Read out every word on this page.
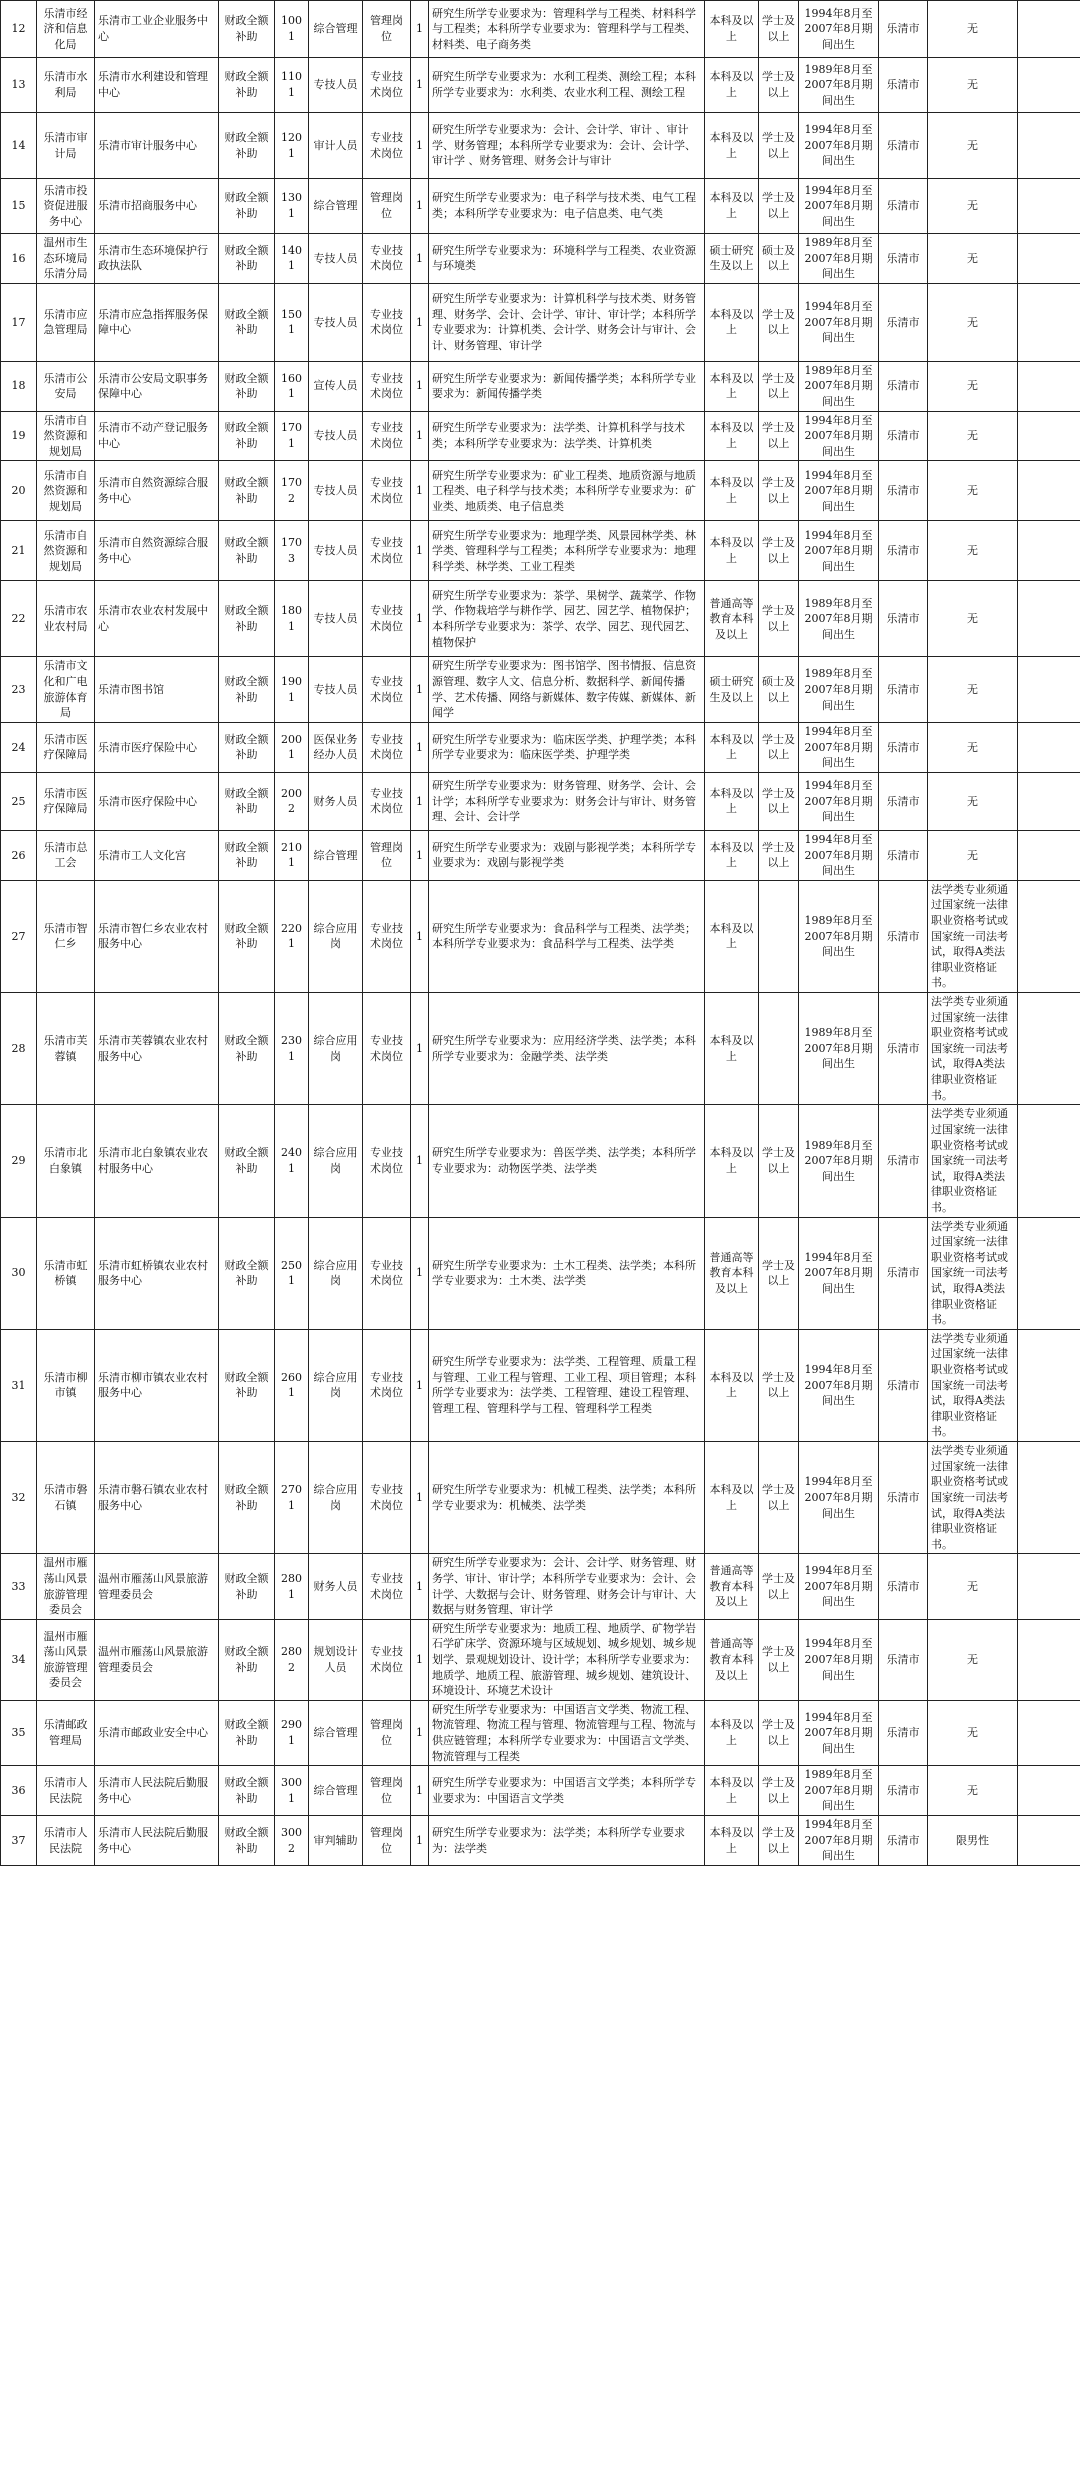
12	乐清市经济和信息化局	乐清市工业企业服务中心	财政全额补助	1001	综合管理	管理岗位	1	研究生所学专业要求为：管理科学与工程类、材料科学与工程类；本科所学专业要求为：管理科学与工程类、材料类、电子商务类	本科及以上	学士及以上	1994年8月至2007年8月期间出生	乐清市	无	
13	乐清市水利局	乐清市水利建设和管理中心	财政全额补助	1101	专技人员	专业技术岗位	1	研究生所学专业要求为：水利工程类、测绘工程；本科所学专业要求为：水利类、农业水利工程、测绘工程	本科及以上	学士及以上	1989年8月至2007年8月期间出生	乐清市	无	
14	乐清市审计局	乐清市审计服务中心	财政全额补助	1201	审计人员	专业技术岗位	1	研究生所学专业要求为：会计、会计学、审计 、审计学、财务管理；本科所学专业要求为：会计、会计学、审计学 、财务管理、财务会计与审计	本科及以上	学士及以上	1994年8月至2007年8月期间出生	乐清市	无	
15	乐清市投资促进服务中心	乐清市招商服务中心	财政全额补助	1301	综合管理	管理岗位	1	研究生所学专业要求为：电子科学与技术类、电气工程类；本科所学专业要求为：电子信息类、电气类	本科及以上	学士及以上	1994年8月至2007年8月期间出生	乐清市	无	
16	温州市生态环境局乐清分局	乐清市生态环境保护行政执法队	财政全额补助	1401	专技人员	专业技术岗位	1	研究生所学专业要求为：环境科学与工程类、农业资源与环境类	硕士研究生及以上	硕士及以上	1989年8月至2007年8月期间出生	乐清市	无	
17	乐清市应急管理局	乐清市应急指挥服务保障中心	财政全额补助	1501	专技人员	专业技术岗位	1	研究生所学专业要求为：计算机科学与技术类、财务管理、财务学、会计、会计学、审计、审计学；本科所学专业要求为：计算机类、会计学、财务会计与审计、会计、财务管理、审计学	本科及以上	学士及以上	1994年8月至2007年8月期间出生	乐清市	无	
18	乐清市公安局	乐清市公安局文职事务保障中心	财政全额补助	1601	宣传人员	专业技术岗位	1	研究生所学专业要求为：新闻传播学类；本科所学专业要求为：新闻传播学类	本科及以上	学士及以上	1989年8月至2007年8月期间出生	乐清市	无	
19	乐清市自然资源和规划局	乐清市不动产登记服务中心	财政全额补助	1701	专技人员	专业技术岗位	1	研究生所学专业要求为：法学类、计算机科学与技术类；本科所学专业要求为：法学类、计算机类	本科及以上	学士及以上	1994年8月至2007年8月期间出生	乐清市	无	
20	乐清市自然资源和规划局	乐清市自然资源综合服务中心	财政全额补助	1702	专技人员	专业技术岗位	1	研究生所学专业要求为：矿业工程类、地质资源与地质工程类、电子科学与技术类；本科所学专业要求为：矿业类、地质类、电子信息类	本科及以上	学士及以上	1994年8月至2007年8月期间出生	乐清市	无	
21	乐清市自然资源和规划局	乐清市自然资源综合服务中心	财政全额补助	1703	专技人员	专业技术岗位	1	研究生所学专业要求为：地理学类、风景园林学类、林学类、管理科学与工程类；本科所学专业要求为：地理科学类、林学类、工业工程类	本科及以上	学士及以上	1994年8月至2007年8月期间出生	乐清市	无	
22	乐清市农业农村局	乐清市农业农村发展中心	财政全额补助	1801	专技人员	专业技术岗位	1	研究生所学专业要求为：茶学、果树学、蔬菜学、作物学、作物栽培学与耕作学、园艺、园艺学、植物保护；本科所学专业要求为：茶学、农学、园艺、现代园艺、植物保护	普通高等教育本科及以上	学士及以上	1989年8月至2007年8月期间出生	乐清市	无	
23	乐清市文化和广电旅游体育局	乐清市图书馆	财政全额补助	1901	专技人员	专业技术岗位	1	研究生所学专业要求为：图书馆学、图书情报、信息资源管理、数字人文、信息分析、数据科学、新闻传播学、艺术传播、网络与新媒体、数字传媒、新媒体、新闻学	硕士研究生及以上	硕士及以上	1989年8月至2007年8月期间出生	乐清市	无	
24	乐清市医疗保障局	乐清市医疗保险中心	财政全额补助	2001	医保业务经办人员	专业技术岗位	1	研究生所学专业要求为：临床医学类、护理学类；本科所学专业要求为：临床医学类、护理学类	本科及以上	学士及以上	1994年8月至2007年8月期间出生	乐清市	无	
25	乐清市医疗保障局	乐清市医疗保险中心	财政全额补助	2002	财务人员	专业技术岗位	1	研究生所学专业要求为：财务管理、财务学、会计、会计学；本科所学专业要求为：财务会计与审计、财务管理、会计、会计学	本科及以上	学士及以上	1994年8月至2007年8月期间出生	乐清市	无	
26	乐清市总工会	乐清市工人文化宫	财政全额补助	2101	综合管理	管理岗位	1	研究生所学专业要求为：戏剧与影视学类；本科所学专业要求为：戏剧与影视学类	本科及以上	学士及以上	1994年8月至2007年8月期间出生	乐清市	无	
27	乐清市智仁乡	乐清市智仁乡农业农村服务中心	财政全额补助	2201	综合应用岗	专业技术岗位	1	研究生所学专业要求为：食品科学与工程类、法学类；本科所学专业要求为：食品科学与工程类、法学类	本科及以上		1989年8月至2007年8月期间出生	乐清市	法学类专业须通过国家统一法律职业资格考试或国家统一司法考试，取得A类法律职业资格证书。	
28	乐清市芙蓉镇	乐清市芙蓉镇农业农村服务中心	财政全额补助	2301	综合应用岗	专业技术岗位	1	研究生所学专业要求为：应用经济学类、法学类；本科所学专业要求为：金融学类、法学类	本科及以上		1989年8月至2007年8月期间出生	乐清市	法学类专业须通过国家统一法律职业资格考试或国家统一司法考试，取得A类法律职业资格证书。	
29	乐清市北白象镇	乐清市北白象镇农业农村服务中心	财政全额补助	2401	综合应用岗	专业技术岗位	1	研究生所学专业要求为：兽医学类、法学类；本科所学专业要求为：动物医学类、法学类	本科及以上	学士及以上	1989年8月至2007年8月期间出生	乐清市	法学类专业须通过国家统一法律职业资格考试或国家统一司法考试，取得A类法律职业资格证书。	
30	乐清市虹桥镇	乐清市虹桥镇农业农村服务中心	财政全额补助	2501	综合应用岗	专业技术岗位	1	研究生所学专业要求为：土木工程类、法学类；本科所学专业要求为：土木类、法学类	普通高等教育本科及以上	学士及以上	1994年8月至2007年8月期间出生	乐清市	法学类专业须通过国家统一法律职业资格考试或国家统一司法考试，取得A类法律职业资格证书。	
31	乐清市柳市镇	乐清市柳市镇农业农村服务中心	财政全额补助	2601	综合应用岗	专业技术岗位	1	研究生所学专业要求为：法学类、工程管理、质量工程与管理、工业工程与管理、工业工程、项目管理；本科所学专业要求为：法学类、工程管理、建设工程管理、管理工程、管理科学与工程、管理科学工程类	本科及以上	学士及以上	1994年8月至2007年8月期间出生	乐清市	法学类专业须通过国家统一法律职业资格考试或国家统一司法考试，取得A类法律职业资格证书。	
32	乐清市磐石镇	乐清市磐石镇农业农村服务中心	财政全额补助	2701	综合应用岗	专业技术岗位	1	研究生所学专业要求为：机械工程类、法学类；本科所学专业要求为：机械类、法学类	本科及以上	学士及以上	1994年8月至2007年8月期间出生	乐清市	法学类专业须通过国家统一法律职业资格考试或国家统一司法考试，取得A类法律职业资格证书。	
33	温州市雁荡山风景旅游管理委员会	温州市雁荡山风景旅游管理委员会	财政全额补助	2801	财务人员	专业技术岗位	1	研究生所学专业要求为：会计、会计学、财务管理、财务学、审计、审计学；本科所学专业要求为：会计、会计学、大数据与会计、财务管理、财务会计与审计、大数据与财务管理、审计学	普通高等教育本科及以上	学士及以上	1994年8月至2007年8月期间出生	乐清市	无	
34	温州市雁荡山风景旅游管理委员会	温州市雁荡山风景旅游管理委员会	财政全额补助	2802	规划设计人员	专业技术岗位	1	研究生所学专业要求为：地质工程、地质学、矿物学岩石学矿床学、资源环境与区域规划、城乡规划、城乡规划学、景观规划设计、设计学；本科所学专业要求为：地质学、地质工程、旅游管理、城乡规划、建筑设计、环境设计、环境艺术设计	普通高等教育本科及以上	学士及以上	1994年8月至2007年8月期间出生	乐清市	无	
35	乐清邮政管理局	乐清市邮政业安全中心	财政全额补助	2901	综合管理	管理岗位	1	研究生所学专业要求为：中国语言文学类、物流工程、物流管理、物流工程与管理、物流管理与工程、物流与供应链管理；本科所学专业要求为：中国语言文学类、物流管理与工程类	本科及以上	学士及以上	1994年8月至2007年8月期间出生	乐清市	无	
36	乐清市人民法院	乐清市人民法院后勤服务中心	财政全额补助	3001	综合管理	管理岗位	1	研究生所学专业要求为：中国语言文学类；本科所学专业要求为：中国语言文学类	本科及以上	学士及以上	1989年8月至2007年8月期间出生	乐清市	无	
37	乐清市人民法院	乐清市人民法院后勤服务中心	财政全额补助	3002	审判辅助	管理岗位	1	研究生所学专业要求为：法学类；本科所学专业要求为：法学类	本科及以上	学士及以上	1994年8月至2007年8月期间出生	乐清市	限男性	
